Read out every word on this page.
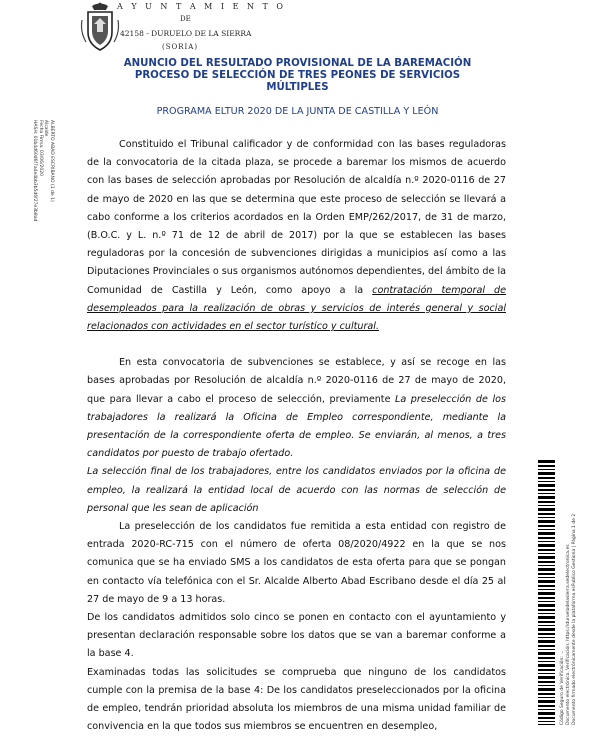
A Y U N T A M I E N T O
DE
42158 - DURUELO DE LA SIERRA
(SORIA)
ANUNCIO DEL RESULTADO PROVISIONAL DE LA BAREMACIÓN
PROCESO DE SELECCIÓN DE TRES PEONES DE SERVICIOS
MÚLTIPLES
PROGRAMA ELTUR 2020 DE LA JUNTA DE CASTILLA Y LEÓN

Constituido el Tribunal calificador y de conformidad con las bases reguladoras de la convocatoria de la citada plaza, se procede a baremar los mismos de acuerdo con las bases de selección aprobadas por Resolución de alcaldía n.º 2020-0116 de 27 de mayo de 2020 en las que se determina que este proceso de selección se llevará a cabo conforme a los criterios acordados en la Orden EMP/262/2017, de 31 de marzo, (B.O.C. y L. n.º 71 de 12 de abril de 2017) por la que se establecen las bases reguladoras por la concesión de subvenciones dirigidas a municipios así como a las Diputaciones Provinciales o sus organismos autónomos dependientes, del ámbito de la Comunidad de Castilla y León, como apoyo a la contratación temporal de desempleados para la realización de obras y servicios de interés general y social relacionados con actividades en el sector turístico y cultural.

En esta convocatoria de subvenciones se establece, y así se recoge en las bases aprobadas por Resolución de alcaldía n.º 2020-0116 de 27 de mayo de 2020, que para llevar a cabo el proceso de selección, previamente La preselección de los trabajadores la realizará la Oficina de Empleo correspondiente, mediante la presentación de la correspondiente oferta de empleo. Se enviarán, al menos, a tres candidatos por puesto de trabajo ofertado.

La selección final de los trabajadores, entre los candidatos enviados por la oficina de empleo, la realizará la entidad local de acuerdo con las normas de selección de personal que les sean de aplicación

La preselección de los candidatos fue remitida a esta entidad con registro de entrada 2020-RC-715 con el número de oferta 08/2020/4922 en la que se nos comunica que se ha enviado SMS a los candidatos de esta oferta para que se pongan en contacto vía telefónica con el Sr. Alcalde Alberto Abad Escribano desde el día 25 al 27 de mayo de 9 a 13 horas.

De los candidatos admitidos solo cinco se ponen en contacto con el ayuntamiento y presentan declaración responsable sobre los datos que se van a baremar conforme a la base 4.

Examinadas todas las solicitudes se comprueba que ninguno de los candidatos cumple con la premisa de la base 4: De los candidatos preseleccionados por la oficina de empleo, tendrán prioridad absoluta los miembros de una misma unidad familiar de convivencia en la que todos sus miembros se encuentren en desempleo,

ALBERTO ABAD ESCRIBANO (1 de 1)
Alcalde
Fecha Firma: 03/06/2020
HASH: 01b4d60d6f7a4e4bb3b5d6f27e3b8ad
Código Seguro de Verificación: ... Documento electrónico. Verificación: https://duruelodelasierra.sedelectronica.es Documento firmado electrónicamente desde la plataforma esPublico Gestiona | Página 1 de 2
